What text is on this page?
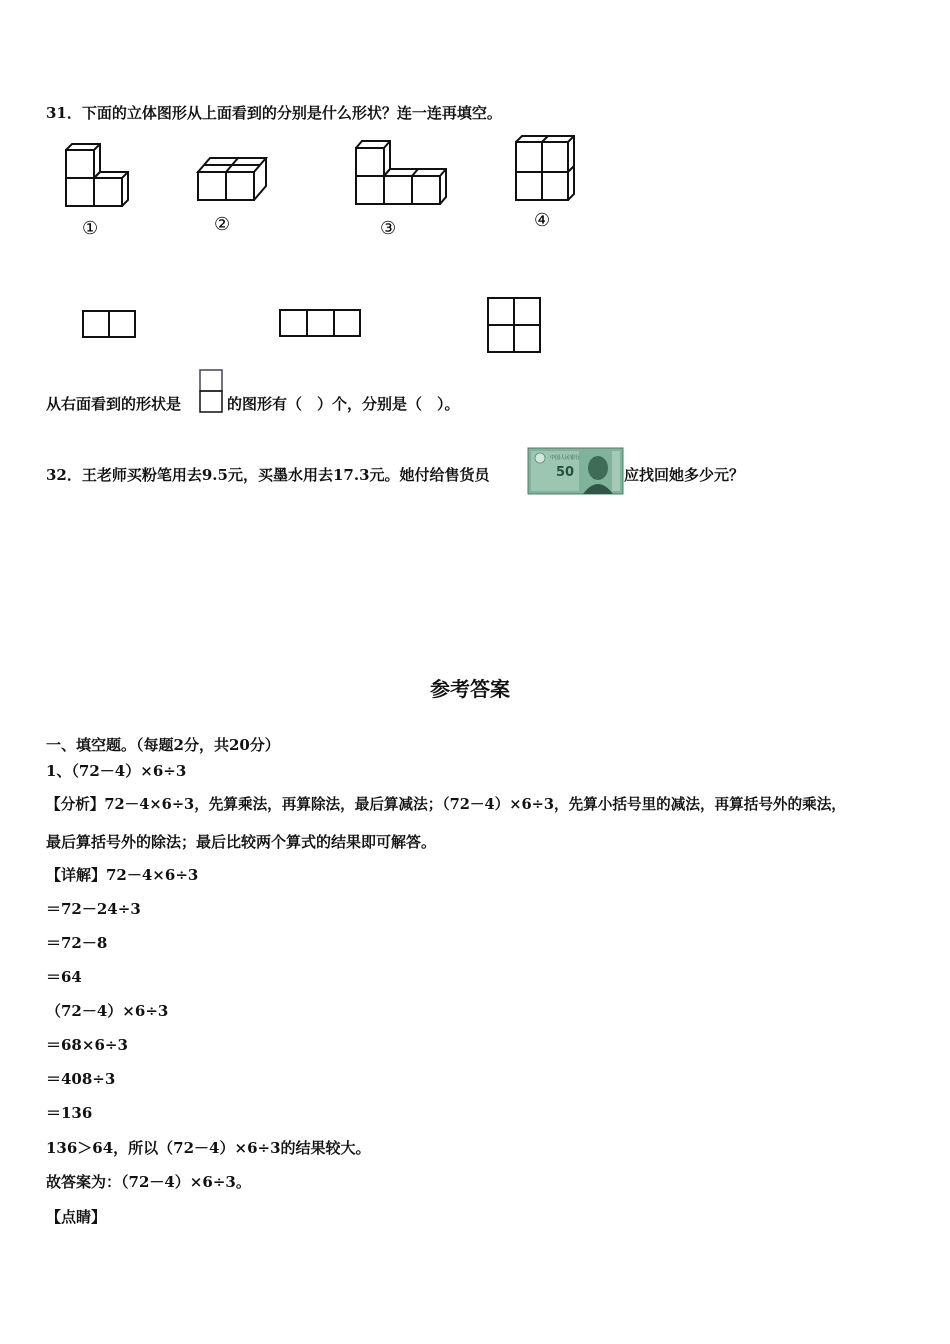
31．下面的立体图形从上面看到的分别是什么形状？连一连再填空。
①	②	③	④
从右面看到的形状是	的图形有（　）个，分别是（　）。
32．王老师买粉笔用去9.5元，买墨水用去17.3元。她付给售货员
中国人民银行
50	应找回她多少元？
参考答案
一、填空题。（每题2分，共20分）
1、（72－4）×6÷3
【分析】72－4×6÷3，先算乘法，再算除法，最后算减法；（72－4）×6÷3，先算小括号里的减法，再算括号外的乘法，
最后算括号外的除法；最后比较两个算式的结果即可解答。
【详解】72－4×6÷3
＝72－24÷3
＝72－8
＝64
（72－4）×6÷3
＝68×6÷3
＝408÷3
＝136
136＞64，所以（72－4）×6÷3的结果较大。
故答案为：（72－4）×6÷3。
【点睛】
